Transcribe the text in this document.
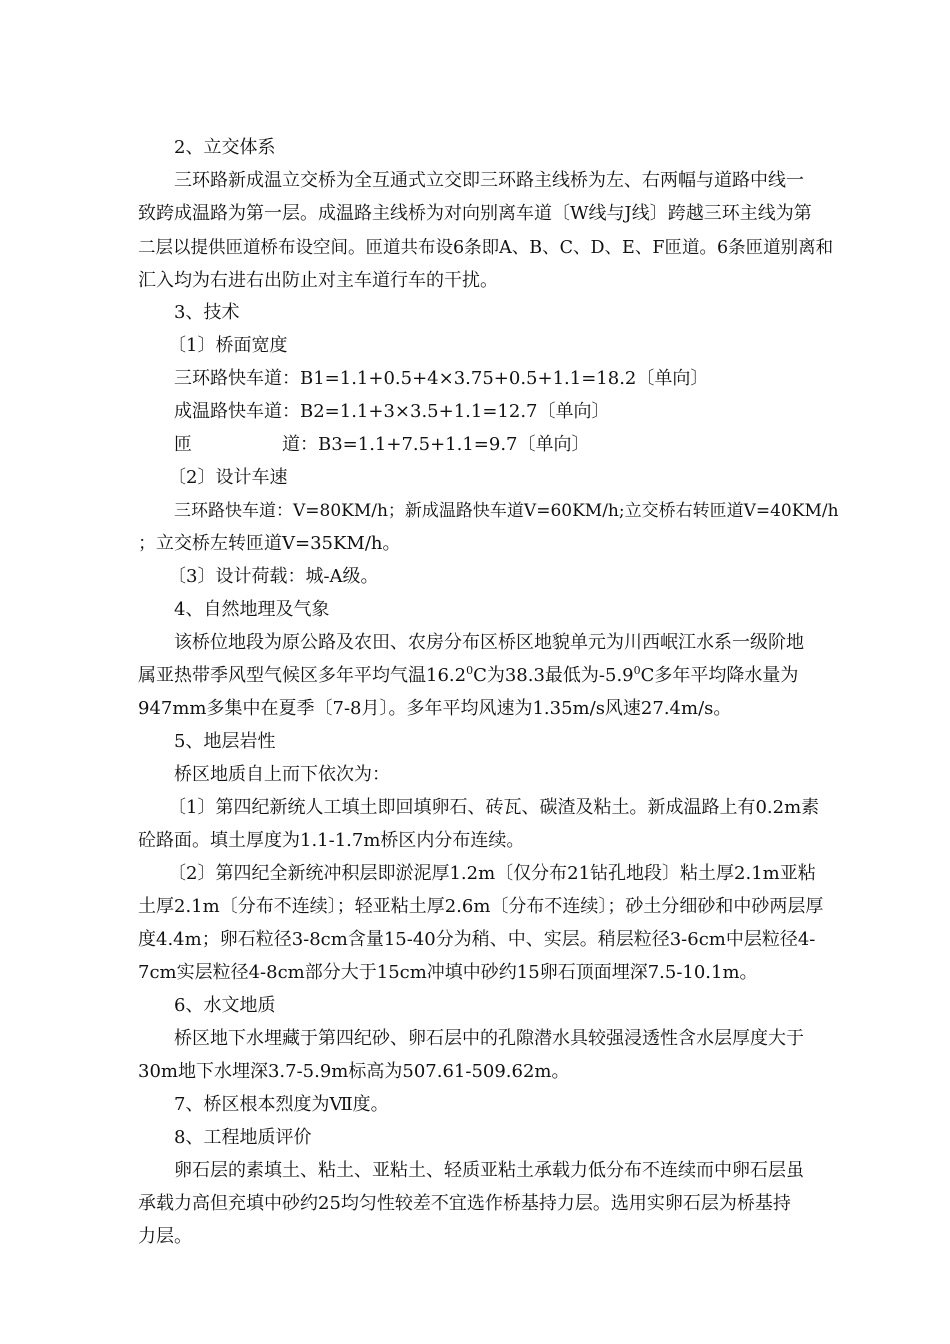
2、立交体系
三环路新成温立交桥为全互通式立交即三环路主线桥为左、右两幅与道路中线一
致跨成温路为第一层。成温路主线桥为对向别离车道〔W线与J线〕跨越三环主线为第
二层以提供匝道桥布设空间。匝道共布设6条即A、B、C、D、E、F匝道。6条匝道别离和
汇入均为右进右出防止对主车道行车的干扰。
3、技术
〔1〕桥面宽度
三环路快车道：B1=1.1+0.5+4×3.75+0.5+1.1=18.2〔单向〕
成温路快车道：B2=1.1+3×3.5+1.1=12.7〔单向〕
匝	道：B3=1.1+7.5+1.1=9.7〔单向〕
〔2〕设计车速
三环路快车道：V=80KM/h；新成温路快车道V=60KM/h;立交桥右转匝道V=40KM/h
；立交桥左转匝道V=35KM/h。
〔3〕设计荷载：城-A级。
4、自然地理及气象
该桥位地段为原公路及农田、农房分布区桥区地貌单元为川西岷江水系一级阶地
属亚热带季风型气候区多年平均气温16.2$^0$C为38.3最低为$-5.9^0C$多年平均降水量为
947mm多集中在夏季〔7-8月〕。多年平均风速为1.35m/s风速27.4m/s。
5、地层岩性
桥区地质自上而下依次为：
〔1〕第四纪新统人工填土即回填卵石、砖瓦、碳渣及粘土。新成温路上有0.2m素
砼路面。填土厚度为1.1-1.7m桥区内分布连续。
〔2〕第四纪全新统冲积层即淤泥厚1.2m〔仅分布21钻孔地段〕粘土厚2.1m亚粘
土厚2.1m〔分布不连续〕；轻亚粘土厚2.6m〔分布不连续〕；砂土分细砂和中砂两层厚
度4.4m；卵石粒径3-8cm含量15-40分为稍、中、实层。稍层粒径3-6cm中层粒径4-
7cm实层粒径4-8cm部分大于15cm冲填中砂约15卵石顶面埋深7.5-10.1m。
6、水文地质
桥区地下水埋藏于第四纪砂、卵石层中的孔隙潜水具较强浸透性含水层厚度大于
30m地下水埋深3.7-5.9m标高为507.61-509.62m。
7、桥区根本烈度为Ⅶ度。
8、工程地质评价
卵石层的素填土、粘土、亚粘土、轻质亚粘土承载力低分布不连续而中卵石层虽
承载力高但充填中砂约25均匀性较差不宜选作桥基持力层。选用实卵石层为桥基持
力层。
